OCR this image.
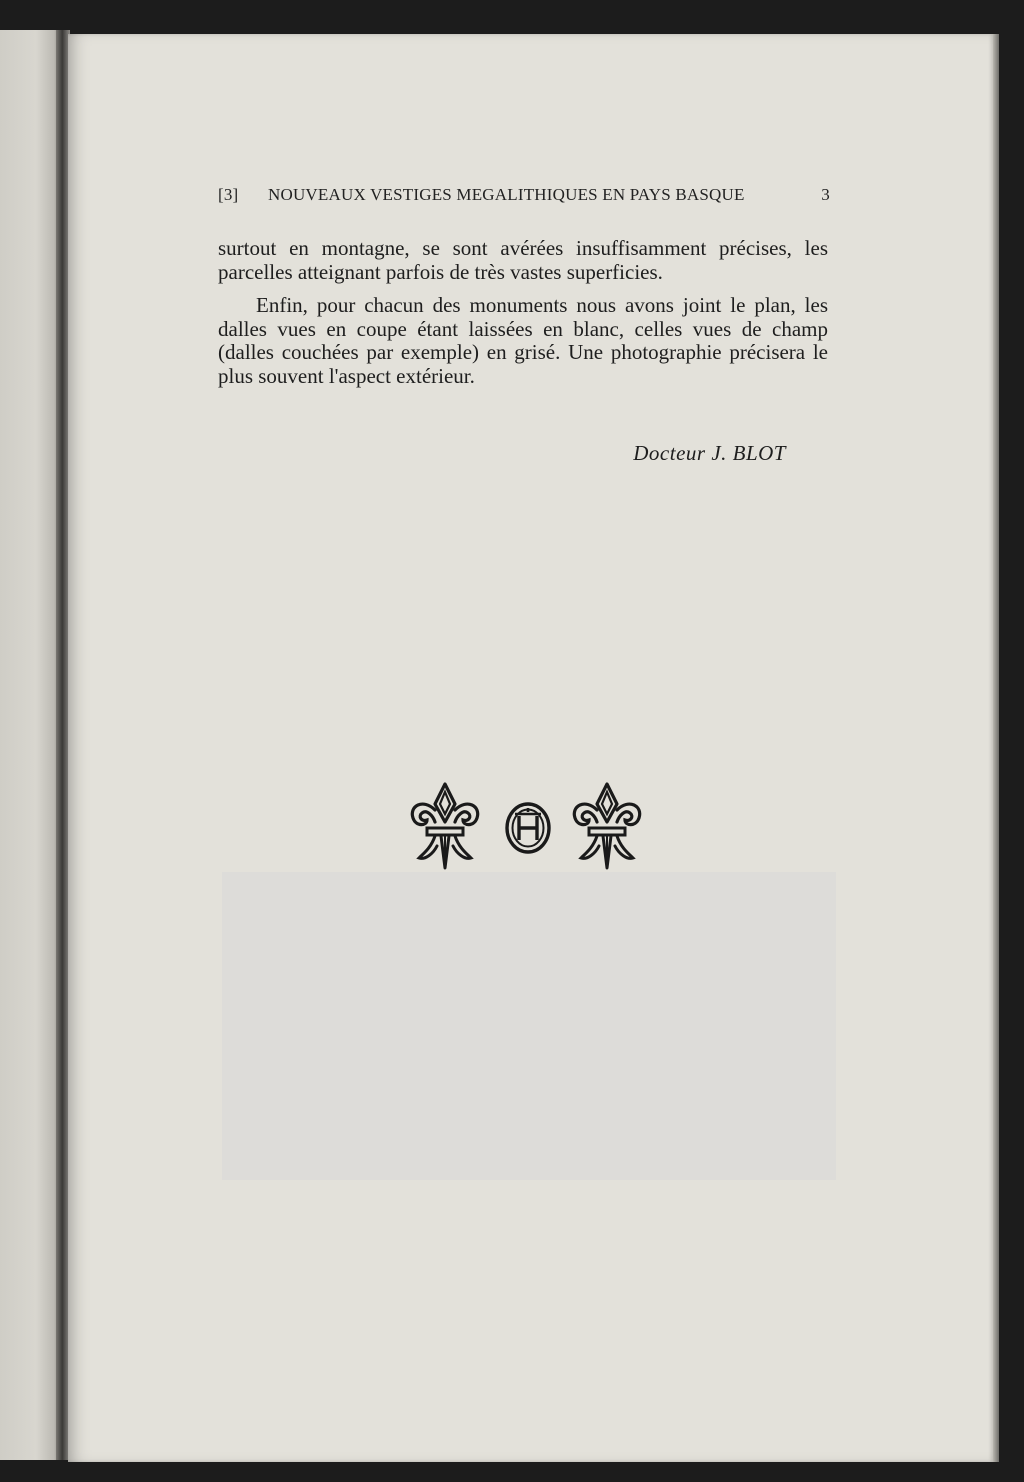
[3] NOUVEAUX VESTIGES MEGALITHIQUES EN PAYS BASQUE	3

surtout en montagne, se sont avérées insuffisamment précises, les parcelles atteignant parfois de très vastes superficies.

Enfin, pour chacun des monuments nous avons joint le plan, les dalles vues en coupe étant laissées en blanc, celles vues de champ (dalles couchées par exemple) en grisé. Une photographie précisera le plus souvent l'aspect extérieur.

Docteur J. BLOT
